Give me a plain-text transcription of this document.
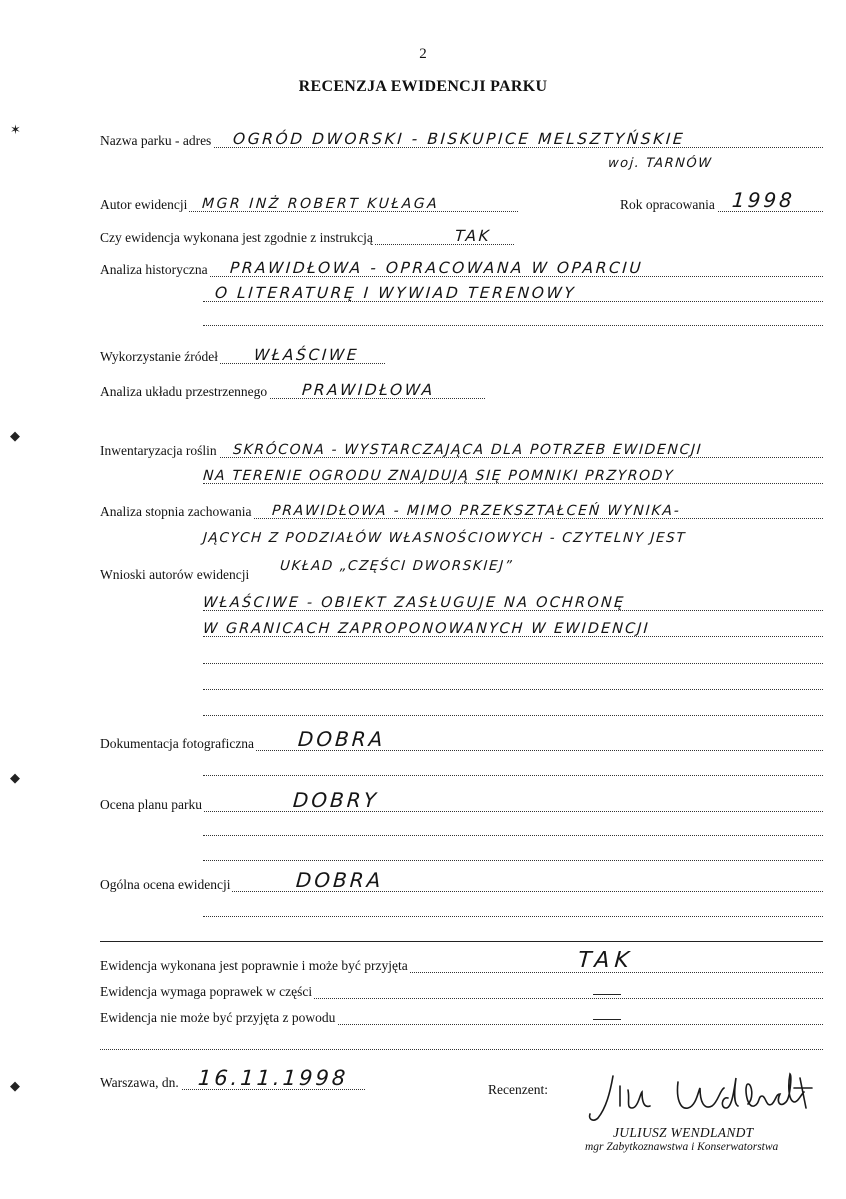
2
RECENZJA EWIDENCJI PARKU
✶
◆
◆
◆
Nazwa parku - adres OGRÓD DWORSKI - BISKUPICE MELSZTYŃSKIE
woj. TARNÓW
Autor ewidencji MGR INŻ ROBERT KUŁAGA	Rok opracowania 1998
Czy ewidencja wykonana jest zgodnie z instrukcją	TAK
Analiza historyczna PRAWIDŁOWA - OPRACOWANA W OPARCIU
O LITERATURĘ I WYWIAD TERENOWY
Wykorzystanie źródeł WŁAŚCIWE
Analiza układu przestrzennego PRAWIDŁOWA
Inwentaryzacja roślin SKRÓCONA - WYSTARCZAJĄCA DLA POTRZEB EWIDENCJI
NA TERENIE OGRODU ZNAJDUJĄ SIĘ POMNIKI PRZYRODY
Analiza stopnia zachowania PRAWIDŁOWA - MIMO PRZEKSZTAŁCEŃ WYNIKA-
JĄCYCH Z PODZIAŁÓW WŁASNOŚCIOWYCH - CZYTELNY JEST
Wnioski autorów ewidencji
UKŁAD „CZĘŚCI DWORSKIEJ”
WŁAŚCIWE - OBIEKT ZASŁUGUJE NA OCHRONĘ
W GRANICACH ZAPROPONOWANYCH W EWIDENCJI
Dokumentacja fotograficzna DOBRA
Ocena planu parku	DOBRY
Ogólna ocena ewidencji	DOBRA
Ewidencja wykonana jest poprawnie i może być przyjęta	TAK
Ewidencja wymaga poprawek w części
Ewidencja nie może być przyjęta z powodu
Warszawa, dn. 16.11.1998	Recenzent:
JULIUSZ WENDLANDT
mgr Zabytkoznawstwa i Konserwatorstwa
